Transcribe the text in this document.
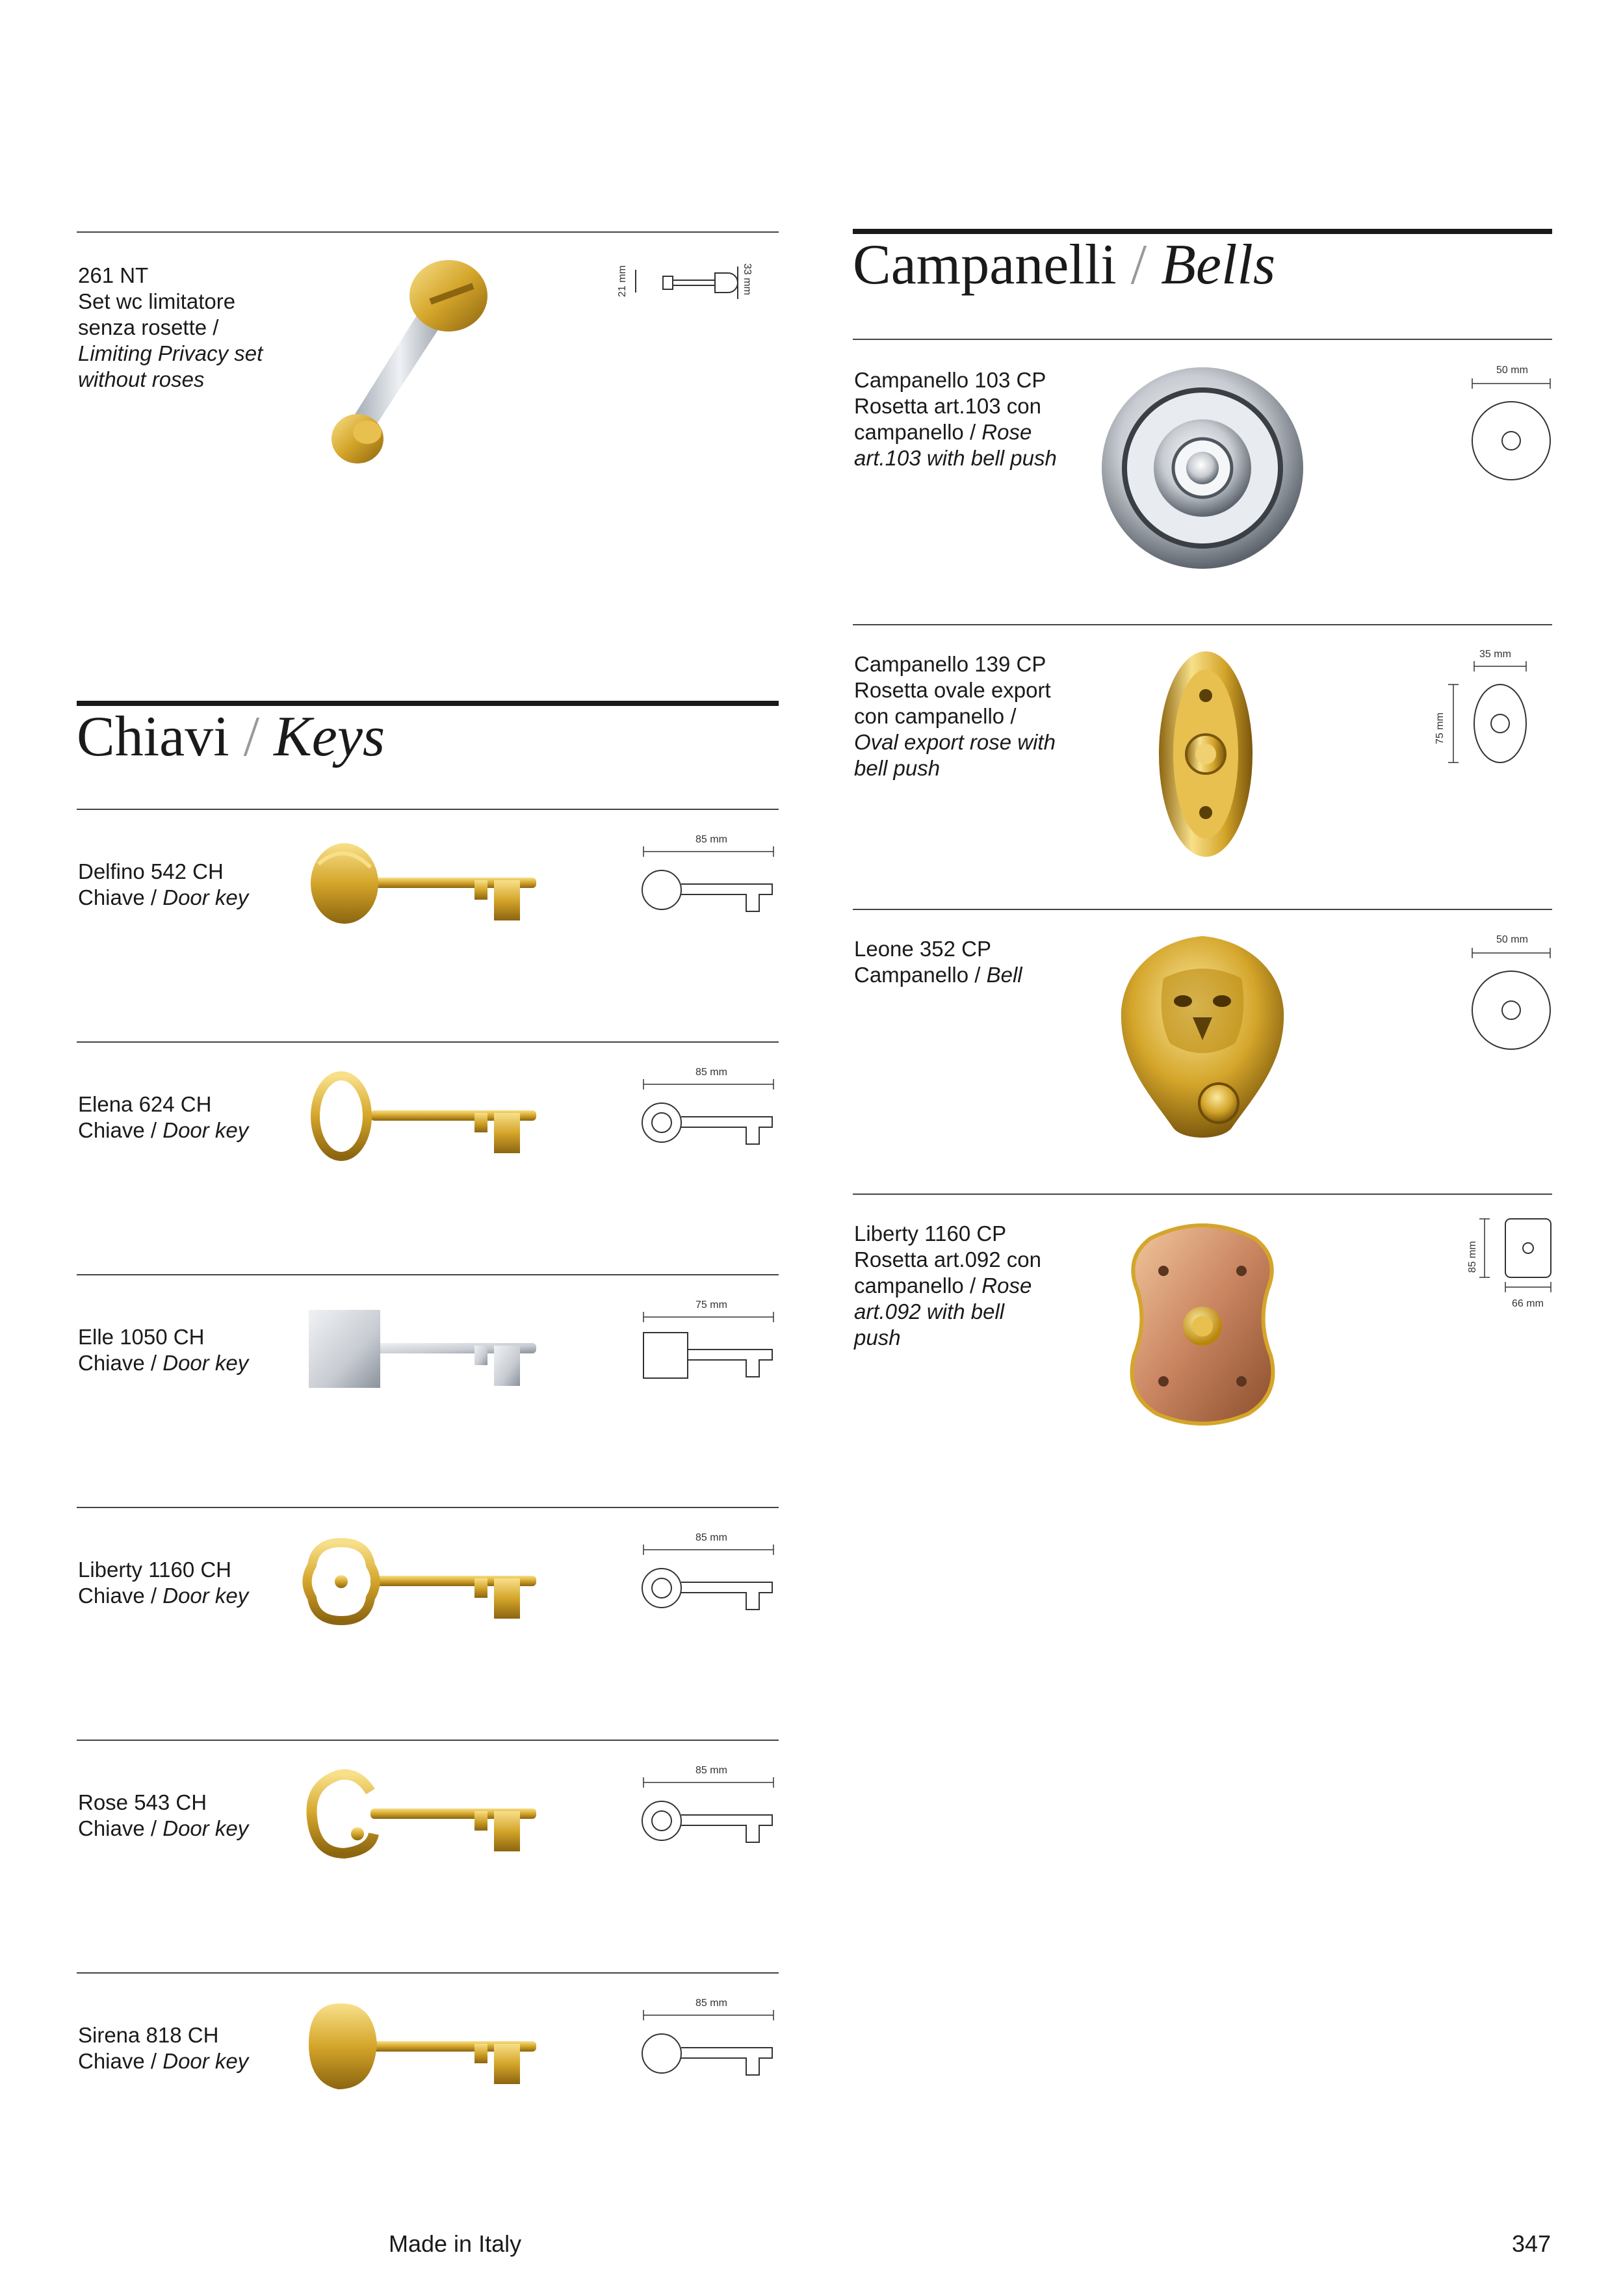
261 NT
Set wc limitatore
senza rosette /
Limiting Privacy set
without roses
21 mm	33 mm
Chiavi / Keys
Delfino 542 CH
Chiave / Door key
85 mm
Elena 624 CH
Chiave / Door key
85 mm
Elle 1050 CH
Chiave / Door key
75 mm
Liberty 1160 CH
Chiave / Door key
85 mm
Rose 543 CH
Chiave / Door key
85 mm
Sirena 818 CH
Chiave / Door key
85 mm
Campanelli / Bells
Campanello 103 CP
Rosetta art.103 con
campanello / Rose
art.103 with bell push
50 mm
Campanello 139 CP
Rosetta ovale export
con campanello /
Oval export rose with
bell push
35 mm
75 mm
Leone 352 CP
Campanello / Bell
50 mm
Liberty 1160 CP
Rosetta art.092 con
campanello / Rose
art.092 with bell
push
85 mm
66 mm
Made in Italy	347
